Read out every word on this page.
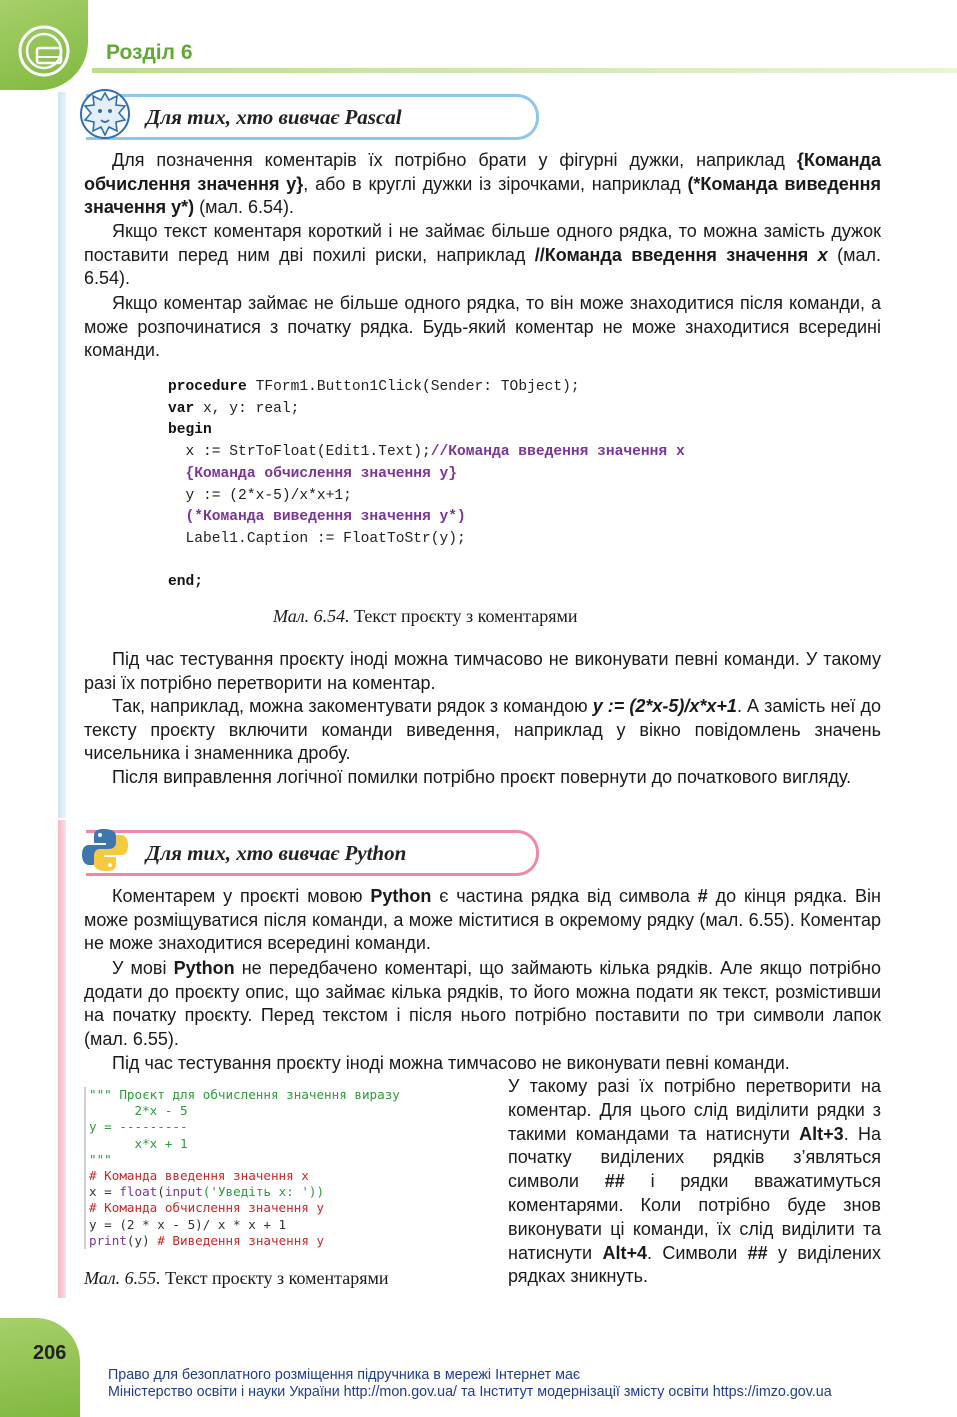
Розділ 6
Для тих, хто вивчає Pascal

Для позначення коментарів їх потрібно брати у фігурні дужки, наприклад {Команда обчислення значення у}, або в круглі дужки із зірочками, наприклад (*Команда виведення значення у*) (мал. 6.54).

Якщо текст коментаря короткий і не займає більше одного рядка, то можна замість дужок поставити перед ним дві похилі риски, наприклад //Команда введення значення x (мал. 6.54).

Якщо коментар займає не більше одного рядка, то він може знаходитися після команди, а може розпочинатися з початку рядка. Будь-який коментар не може знаходитися всередині команди.

procedure TForm1.Button1Click(Sender: TObject);
var x, y: real;
begin
x := StrToFloat(Edit1.Text);//Команда введення значення x
{Команда обчислення значення у}
y := (2*x-5)/x*x+1;
(*Команда виведення значення у*)
Label1.Caption := FloatToStr(y);

end;
Мал. 6.54. Текст проєкту з коментарями

Під час тестування проєкту іноді можна тимчасово не виконувати певні команди. У такому разі їх потрібно перетворити на коментар.

Так, наприклад, можна закоментувати рядок з командою y := (2*x-5)/x*x+1. А замість неї до тексту проєкту включити команди виведення, наприклад у вікно повідомлень значень чисельника і знаменника дробу.

Після виправлення логічної помилки потрібно проєкт повернути до початкового вигляду.

Для тих, хто вивчає Python

Коментарем у проєкті мовою Python є частина рядка від символа # до кінця рядка. Він може розміщуватися після команди, а може міститися в окремому рядку (мал. 6.55). Коментар не може знаходитися всередині команди.

У мові Python не передбачено коментарі, що займають кілька рядків. Але якщо потрібно додати до проєкту опис, що займає кілька рядків, то його можна подати як текст, розмістивши на початку проєкту. Перед текстом і після нього потрібно поставити по три символи лапок (мал. 6.55).

Під час тестування проєкту іноді можна тимчасово не виконувати певні команди.

""" Проєкт для обчислення значення виразу
2*x - 5
y = ---------
x*x + 1
"""
# Команда введення значення x
x = float(input('Уведіть x: '))
# Команда обчислення значення у
y = (2 * x - 5)/ x * x + 1
print(y) # Виведення значення у
Мал. 6.55. Текст проєкту з коментарями

У такому разі їх потрібно перетворити на коментар. Для цього слід виділити рядки з такими командами та натиснути Alt+3. На початку виділених рядків з’являться символи ## і рядки вважатимуться коментарями. Коли потрібно буде знов виконувати ці команди, їх слід виділити та натиснути Alt+4. Символи ## у виділених рядках зникнуть.

206
Право для безоплатного розміщення підручника в мережі Інтернет має
Міністерство освіти і науки України http://mon.gov.ua/ та Інститут модернізації змісту освіти https://imzo.gov.ua
